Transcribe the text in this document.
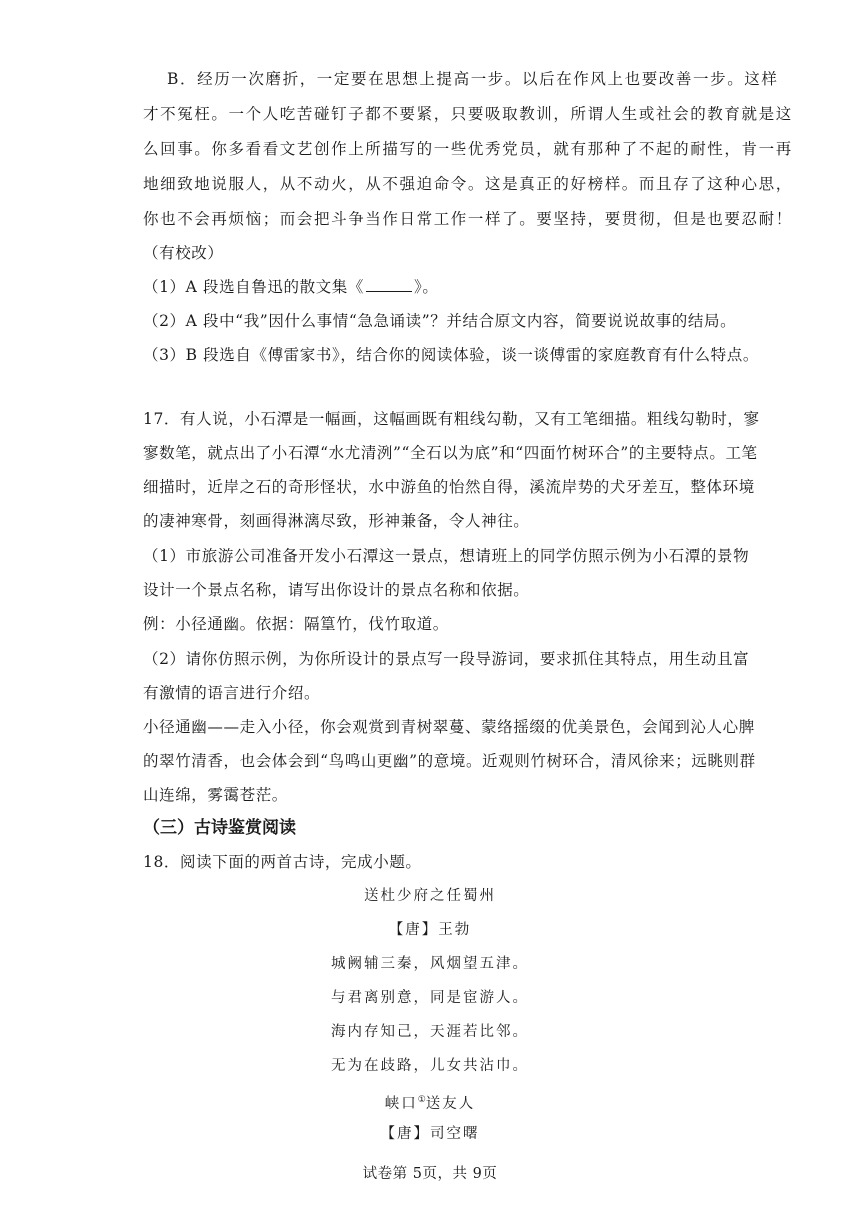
B．经历一次磨折，一定要在思想上提高一步。以后在作风上也要改善一步。这样
才不冤枉。一个人吃苦碰钉子都不要紧，只要吸取教训，所谓人生或社会的教育就是这
么回事。你多看看文艺创作上所描写的一些优秀党员，就有那种了不起的耐性，肯一再
地细致地说服人，从不动火，从不强迫命令。这是真正的好榜样。而且存了这种心思，
你也不会再烦恼；而会把斗争当作日常工作一样了。要坚持，要贯彻，但是也要忍耐！
（有校改）
（1）A 段选自鲁迅的散文集《	》。
（2）A 段中“我”因什么事情“急急诵读”？并结合原文内容，简要说说故事的结局。
（3）B 段选自《傅雷家书》，结合你的阅读体验，谈一谈傅雷的家庭教育有什么特点。
17．有人说，小石潭是一幅画，这幅画既有粗线勾勒，又有工笔细描。粗线勾勒时，寥
寥数笔，就点出了小石潭“水尤清洌”“全石以为底”和“四面竹树环合”的主要特点。工笔
细描时，近岸之石的奇形怪状，水中游鱼的怡然自得，溪流岸势的犬牙差互，整体环境
的凄神寒骨，刻画得淋漓尽致，形神兼备，令人神往。
（1）市旅游公司准备开发小石潭这一景点，想请班上的同学仿照示例为小石潭的景物
设计一个景点名称，请写出你设计的景点名称和依据。
例：小径通幽。依据：隔篁竹，伐竹取道。
（2）请你仿照示例，为你所设计的景点写一段导游词，要求抓住其特点，用生动且富
有激情的语言进行介绍。
小径通幽——走入小径，你会观赏到青树翠蔓、蒙络摇缀的优美景色，会闻到沁人心脾
的翠竹清香，也会体会到“鸟鸣山更幽”的意境。近观则竹树环合，清风徐来；远眺则群
山连绵，雾霭苍茫。
（三）古诗鉴赏阅读
18．阅读下面的两首古诗，完成小题。
送杜少府之任蜀州
【唐】王勃
城阙辅三秦，风烟望五津。
与君离别意，同是宦游人。
海内存知己，天涯若比邻。
无为在歧路，儿女共沾巾。
峡口①送友人
【唐】司空曙
试卷第 5页，共 9页
